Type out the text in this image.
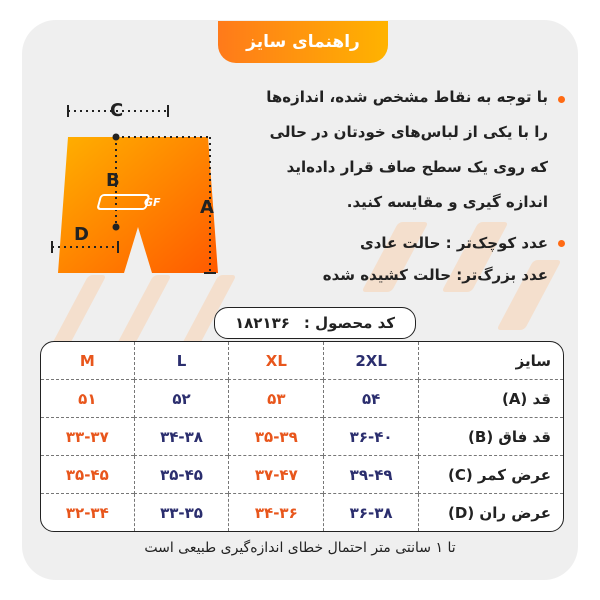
راهنمای سایز
GF
C
B
A
D
با توجه به نقاط مشخص شده، اندازه‌ها را با یکی از لباس‌های خودتان در حالی که روی یک سطح صاف قرار داده‌اید اندازه گیری و مقایسه کنید.
عدد کوچک‌تر : حالت عادی
عدد بزرگ‌تر: حالت کشیده شده
کد محصول :
۱۸۲۱۳۶
سایز	2XL	XL	L	M
قد (A)	۵۴	۵۳	۵۲	۵۱
قد فاق (B)	۳۶-۴۰	۳۵-۳۹	۳۴-۳۸	۳۳-۳۷
عرض کمر (C)	۳۹-۴۹	۳۷-۴۷	۳۵-۴۵	۳۵-۴۵
عرض ران (D)	۳۶-۳۸	۳۴-۳۶	۳۳-۳۵	۳۲-۳۴
تا ۱ سانتی متر احتمال خطای اندازه‌گیری طبیعی است
